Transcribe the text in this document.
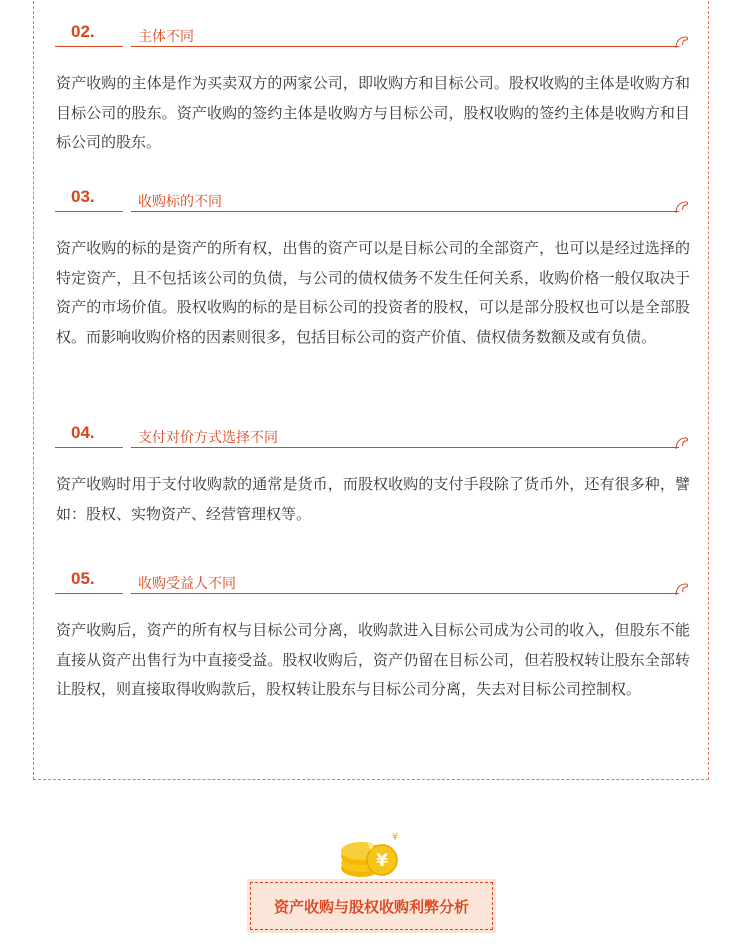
02.	主体不同

资产收购的主体是作为买卖双方的两家公司，即收购方和目标公司。股权收购的主体是收购方和目标公司的股东。资产收购的签约主体是收购方与目标公司，股权收购的签约主体是收购方和目标公司的股东。

03.	收购标的不同

资产收购的标的是资产的所有权，出售的资产可以是目标公司的全部资产，也可以是经过选择的特定资产，且不包括该公司的负债，与公司的债权债务不发生任何关系，收购价格一般仅取决于资产的市场价值。股权收购的标的是目标公司的投资者的股权，可以是部分股权也可以是全部股权。而影响收购价格的因素则很多，包括目标公司的资产价值、债权债务数额及或有负债。

04.	支付对价方式选择不同

资产收购时用于支付收购款的通常是货币，而股权收购的支付手段除了货币外，还有很多种，譬如：股权、实物资产、经营管理权等。

05.	收购受益人不同

资产收购后，资产的所有权与目标公司分离，收购款进入目标公司成为公司的收入，但股东不能直接从资产出售行为中直接受益。股权收购后，资产仍留在目标公司，但若股权转让股东全部转让股权，则直接取得收购款后，股权转让股东与目标公司分离，失去对目标公司控制权。

¥
¥
¥
资产收购与股权收购利弊分析
